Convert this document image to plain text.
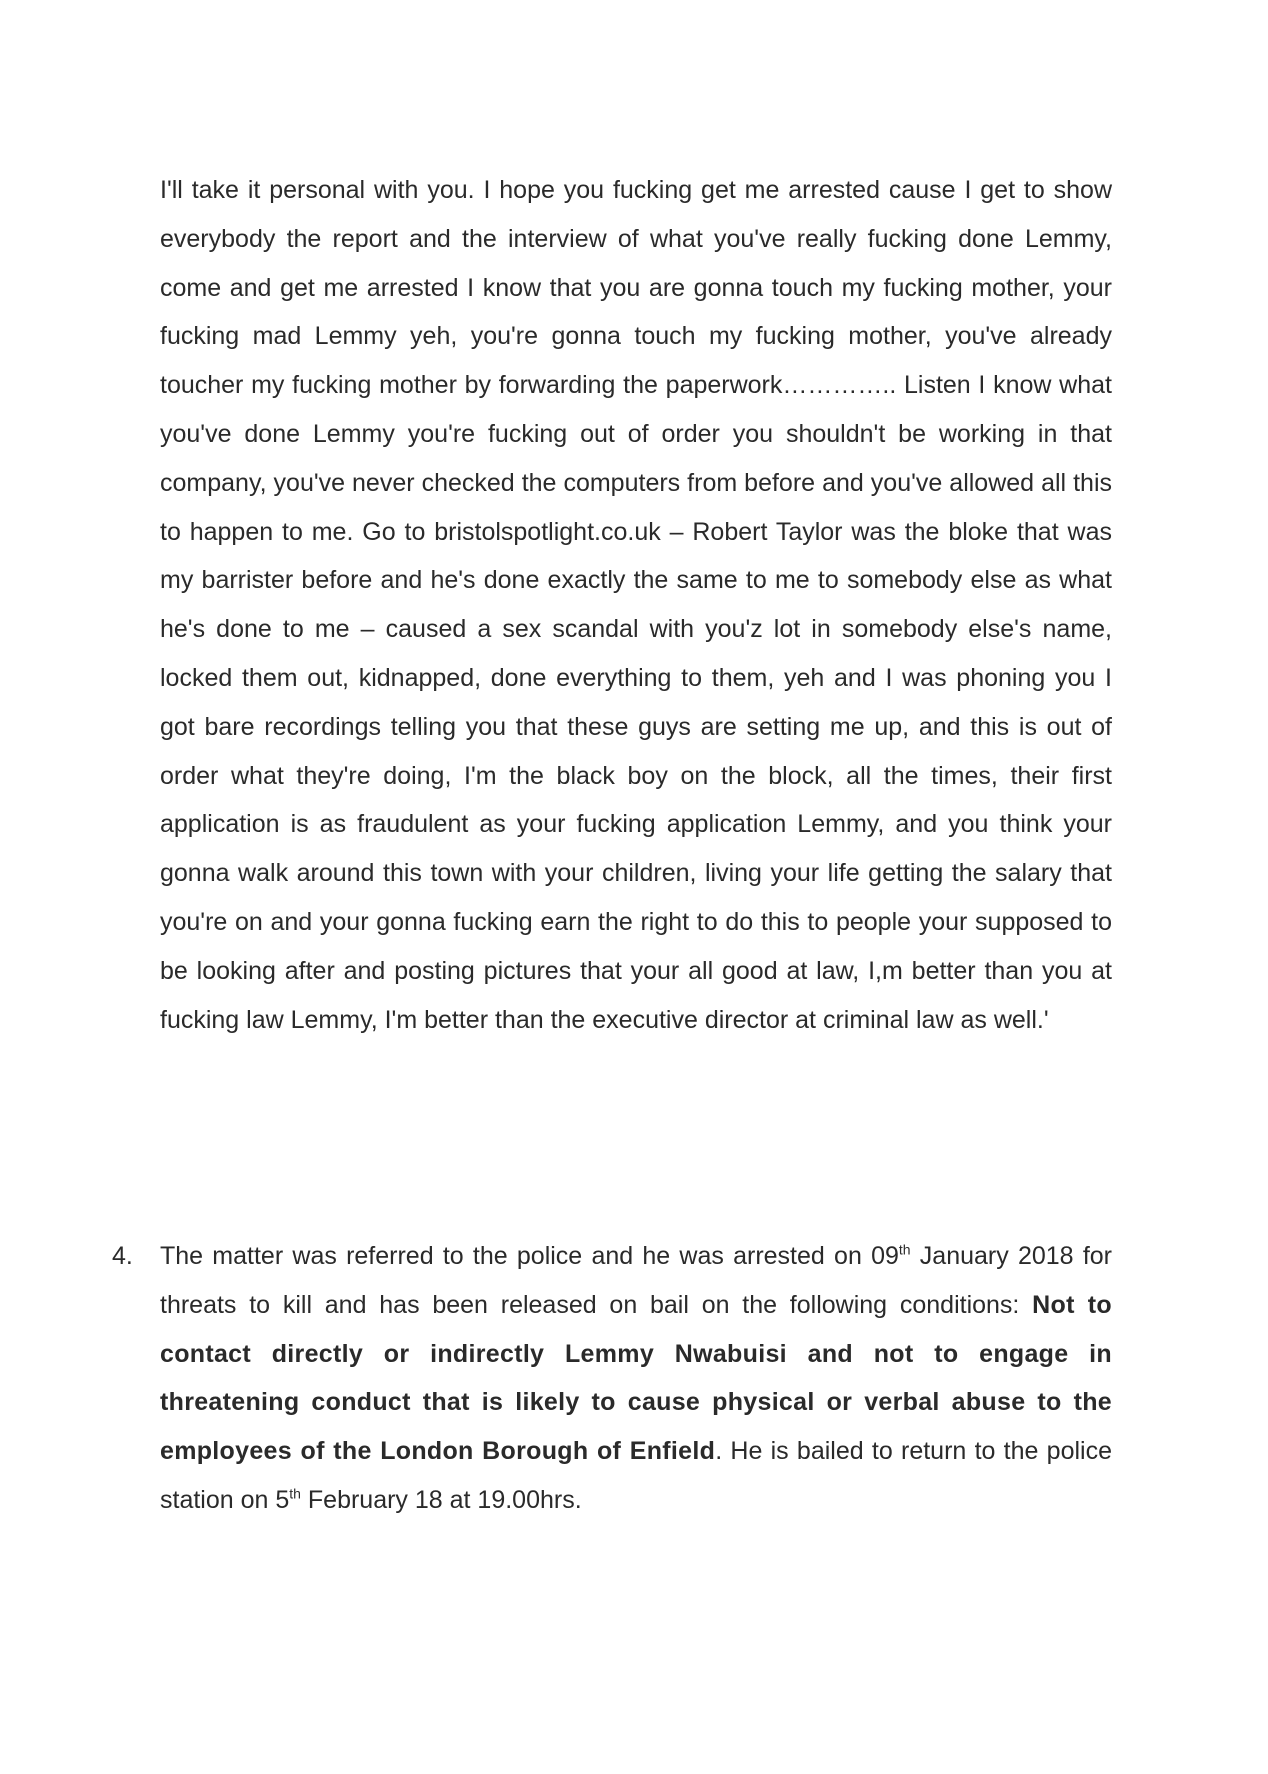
I'll take it personal with you. I hope you fucking get me arrested cause I get to show everybody the report and the interview of what you've really fucking done Lemmy, come and get me arrested I know that you are gonna touch my fucking mother, your fucking mad Lemmy yeh, you're gonna touch my fucking mother, you've already toucher my fucking mother by forwarding the paperwork………….. Listen I know what you've done Lemmy you're fucking out of order you shouldn't be working in that company, you've never checked the computers from before and you've allowed all this to happen to me. Go to bristolspotlight.co.uk – Robert Taylor was the bloke that was my barrister before and he's done exactly the same to me to somebody else as what he's done to me – caused a sex scandal with you'z lot in somebody else's name, locked them out, kidnapped, done everything to them, yeh and I was phoning you I got bare recordings telling you that these guys are setting me up, and this is out of order what they're doing, I'm the black boy on the block, all the times, their first application is as fraudulent as your fucking application Lemmy, and you think your gonna walk around this town with your children, living your life getting the salary that you're on and your gonna fucking earn the right to do this to people your supposed to be looking after and posting pictures that your all good at law, I,m better than you at fucking law Lemmy, I'm better than the executive director at criminal law as well.'

4. The matter was referred to the police and he was arrested on 09th January 2018 for threats to kill and has been released on bail on the following conditions: Not to contact directly or indirectly Lemmy Nwabuisi and not to engage in threatening conduct that is likely to cause physical or verbal abuse to the employees of the London Borough of Enfield. He is bailed to return to the police station on 5th February 18 at 19.00hrs.
